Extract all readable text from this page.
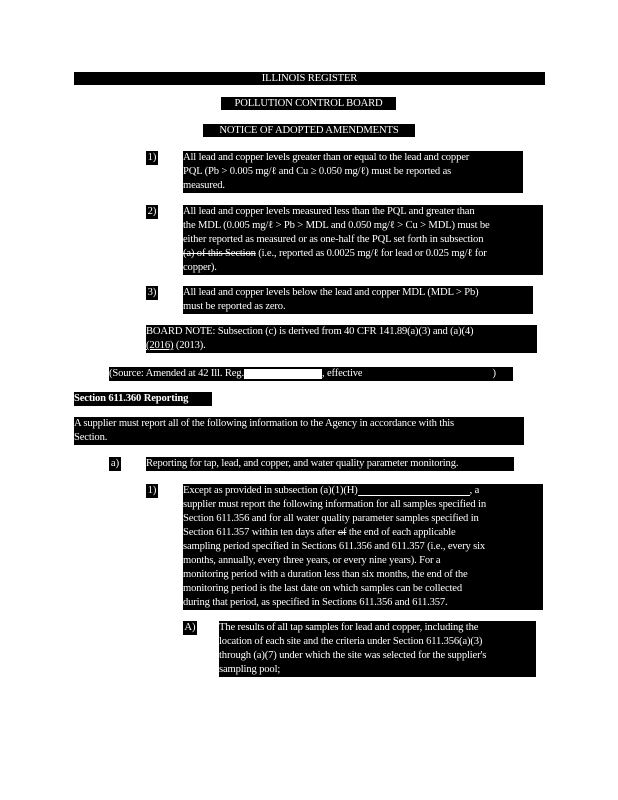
ILLINOIS REGISTER
POLLUTION CONTROL BOARD
NOTICE OF ADOPTED AMENDMENTS
1)	All lead and copper levels greater than or equal to the lead and copper
PQL (Pb > 0.005 mg/ℓ and Cu ≥ 0.050 mg/ℓ) must be reported as
measured.
2)	All lead and copper levels measured less than the PQL and greater than
the MDL (0.005 mg/ℓ > Pb > MDL and 0.050 mg/ℓ > Cu > MDL) must be
either reported as measured or as one-half the PQL set forth in subsection
(a) of this Section (i.e., reported as 0.0025 mg/ℓ for lead or 0.025 mg/ℓ for
copper).
3)	All lead and copper levels below the lead and copper MDL (MDL > Pb)
must be reported as zero.
BOARD NOTE: Subsection (c) is derived from 40 CFR 141.89(a)(3) and (a)(4)
(2016) (2013).
(Source: Amended at 42 Ill. Reg.	, effective	)
Section 611.360 Reporting
A supplier must report all of the following information to the Agency in accordance with this
Section.
a)	Reporting for tap, lead, and copper, and water quality parameter monitoring.
1)	Except as provided in subsection (a)(1)(H)	, a
supplier must report the following information for all samples specified in
Section 611.356 and for all water quality parameter samples specified in
Section 611.357 within ten days after of the end of each applicable
sampling period specified in Sections 611.356 and 611.357 (i.e., every six
months, annually, every three years, or every nine years). For a
monitoring period with a duration less than six months, the end of the
monitoring period is the last date on which samples can be collected
during that period, as specified in Sections 611.356 and 611.357.
A) The results of all tap samples for lead and copper, including the
location of each site and the criteria under Section 611.356(a)(3)
through (a)(7) under which the site was selected for the supplier's
sampling pool;
